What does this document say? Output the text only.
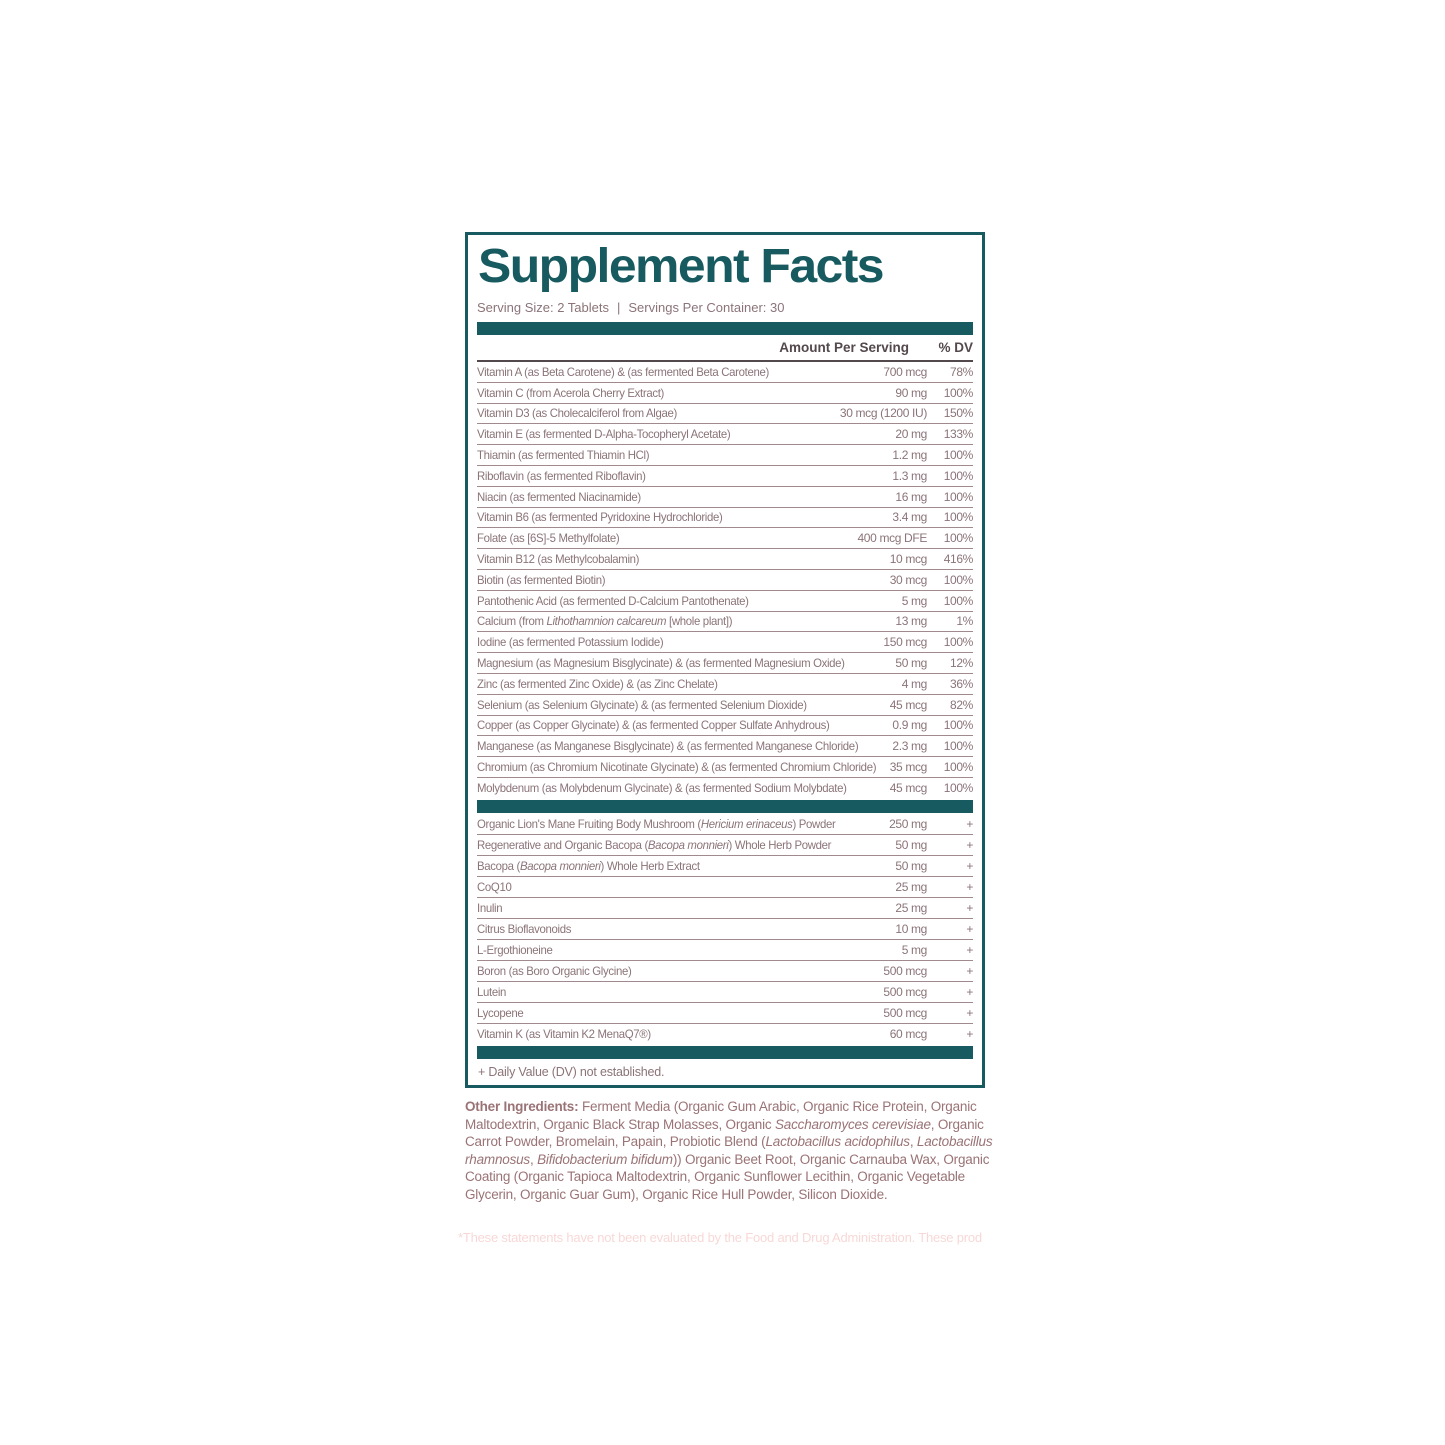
Supplement Facts
Serving Size: 2 Tablets | Servings Per Container: 30
Amount Per Serving	% DV
Vitamin A (as Beta Carotene) & (as fermented Beta Carotene)	700 mcg	78%
Vitamin C (from Acerola Cherry Extract)	90 mg	100%
Vitamin D3 (as Cholecalciferol from Algae)	30 mcg (1200 IU)	150%
Vitamin E (as fermented D-Alpha-Tocopheryl Acetate)	20 mg	133%
Thiamin (as fermented Thiamin HCl)	1.2 mg	100%
Riboflavin (as fermented Riboflavin)	1.3 mg	100%
Niacin (as fermented Niacinamide)	16 mg	100%
Vitamin B6 (as fermented Pyridoxine Hydrochloride)	3.4 mg	100%
Folate (as [6S]-5 Methylfolate)	400 mcg DFE	100%
Vitamin B12 (as Methylcobalamin)	10 mcg	416%
Biotin (as fermented Biotin)	30 mcg	100%
Pantothenic Acid (as fermented D-Calcium Pantothenate)	5 mg	100%
Calcium (from Lithothamnion calcareum [whole plant])	13 mg	1%
Iodine (as fermented Potassium Iodide)	150 mcg	100%
Magnesium (as Magnesium Bisglycinate) & (as fermented Magnesium Oxide)	50 mg	12%
Zinc (as fermented Zinc Oxide) & (as Zinc Chelate)	4 mg	36%
Selenium (as Selenium Glycinate) & (as fermented Selenium Dioxide)	45 mcg	82%
Copper (as Copper Glycinate) & (as fermented Copper Sulfate Anhydrous)	0.9 mg	100%
Manganese (as Manganese Bisglycinate) & (as fermented Manganese Chloride)	2.3 mg	100%
Chromium (as Chromium Nicotinate Glycinate) & (as fermented Chromium Chloride) 35 mcg	100%
Molybdenum (as Molybdenum Glycinate) & (as fermented Sodium Molybdate)	45 mcg	100%
Organic Lion's Mane Fruiting Body Mushroom (Hericium erinaceus) Powder	250 mg	+
Regenerative and Organic Bacopa (Bacopa monnieri) Whole Herb Powder	50 mg	+
Bacopa (Bacopa monnieri) Whole Herb Extract	50 mg	+
CoQ10	25 mg	+
Inulin	25 mg	+
Citrus Bioflavonoids	10 mg	+
L-Ergothioneine	5 mg	+
Boron (as Boro Organic Glycine)	500 mcg	+
Lutein	500 mcg	+
Lycopene	500 mcg	+
Vitamin K (as Vitamin K2 MenaQ7®)	60 mcg	+
+ Daily Value (DV) not established.
Other Ingredients: Ferment Media (Organic Gum Arabic, Organic Rice Protein, Organic Maltodextrin, Organic Black Strap Molasses, Organic Saccharomyces cerevisiae, Organic Carrot Powder, Bromelain, Papain, Probiotic Blend (Lactobacillus acidophilus, Lactobacillus rhamnosus, Bifidobacterium bifidum)) Organic Beet Root, Organic Carnauba Wax, Organic Coating (Organic Tapioca Maltodextrin, Organic Sunflower Lecithin, Organic Vegetable Glycerin, Organic Guar Gum), Organic Rice Hull Powder, Silicon Dioxide.
*These statements have not been evaluated by the Food and Drug Administration. These prod
